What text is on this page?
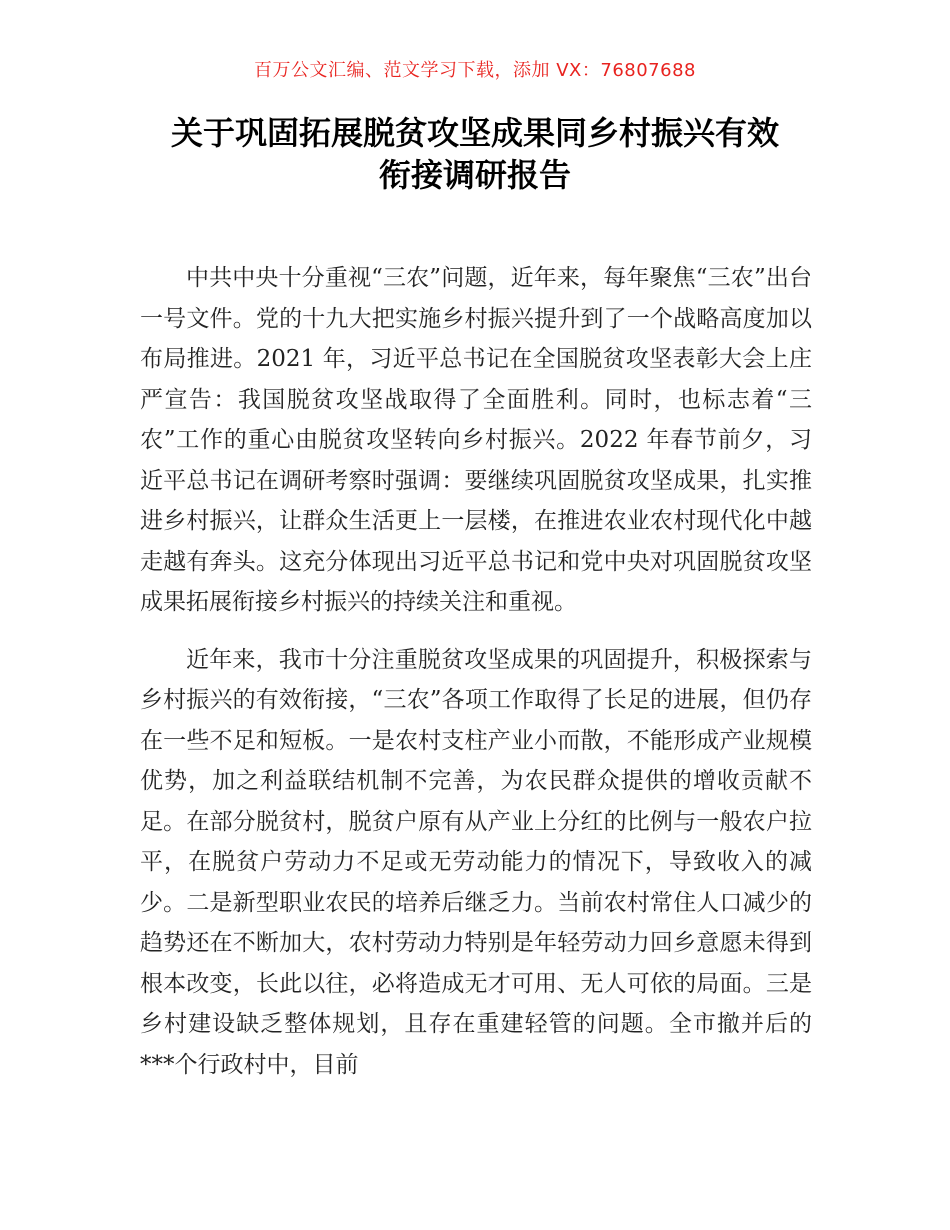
百万公文汇编、范文学习下载，添加 VX：76807688
关于巩固拓展脱贫攻坚成果同乡村振兴有效
衔接调研报告

中共中央十分重视“三农”问题，近年来，每年聚焦“三农”出台一号文件。党的十九大把实施乡村振兴提升到了一个战略高度加以布局推进。2021 年，习近平总书记在全国脱贫攻坚表彰大会上庄严宣告：我国脱贫攻坚战取得了全面胜利。同时，也标志着“三农”工作的重心由脱贫攻坚转向乡村振兴。2022 年春节前夕，习近平总书记在调研考察时强调：要继续巩固脱贫攻坚成果，扎实推进乡村振兴，让群众生活更上一层楼，在推进农业农村现代化中越走越有奔头。这充分体现出习近平总书记和党中央对巩固脱贫攻坚成果拓展衔接乡村振兴的持续关注和重视。

近年来，我市十分注重脱贫攻坚成果的巩固提升，积极探索与乡村振兴的有效衔接，“三农”各项工作取得了长足的进展，但仍存在一些不足和短板。一是农村支柱产业小而散，不能形成产业规模优势，加之利益联结机制不完善，为农民群众提供的增收贡献不足。在部分脱贫村，脱贫户原有从产业上分红的比例与一般农户拉平，在脱贫户劳动力不足或无劳动能力的情况下，导致收入的减少。二是新型职业农民的培养后继乏力。当前农村常住人口减少的趋势还在不断加大，农村劳动力特别是年轻劳动力回乡意愿未得到根本改变，长此以往，必将造成无才可用、无人可依的局面。三是乡村建设缺乏整体规划，且存在重建轻管的问题。全市撤并后的***个行政村中，目前
